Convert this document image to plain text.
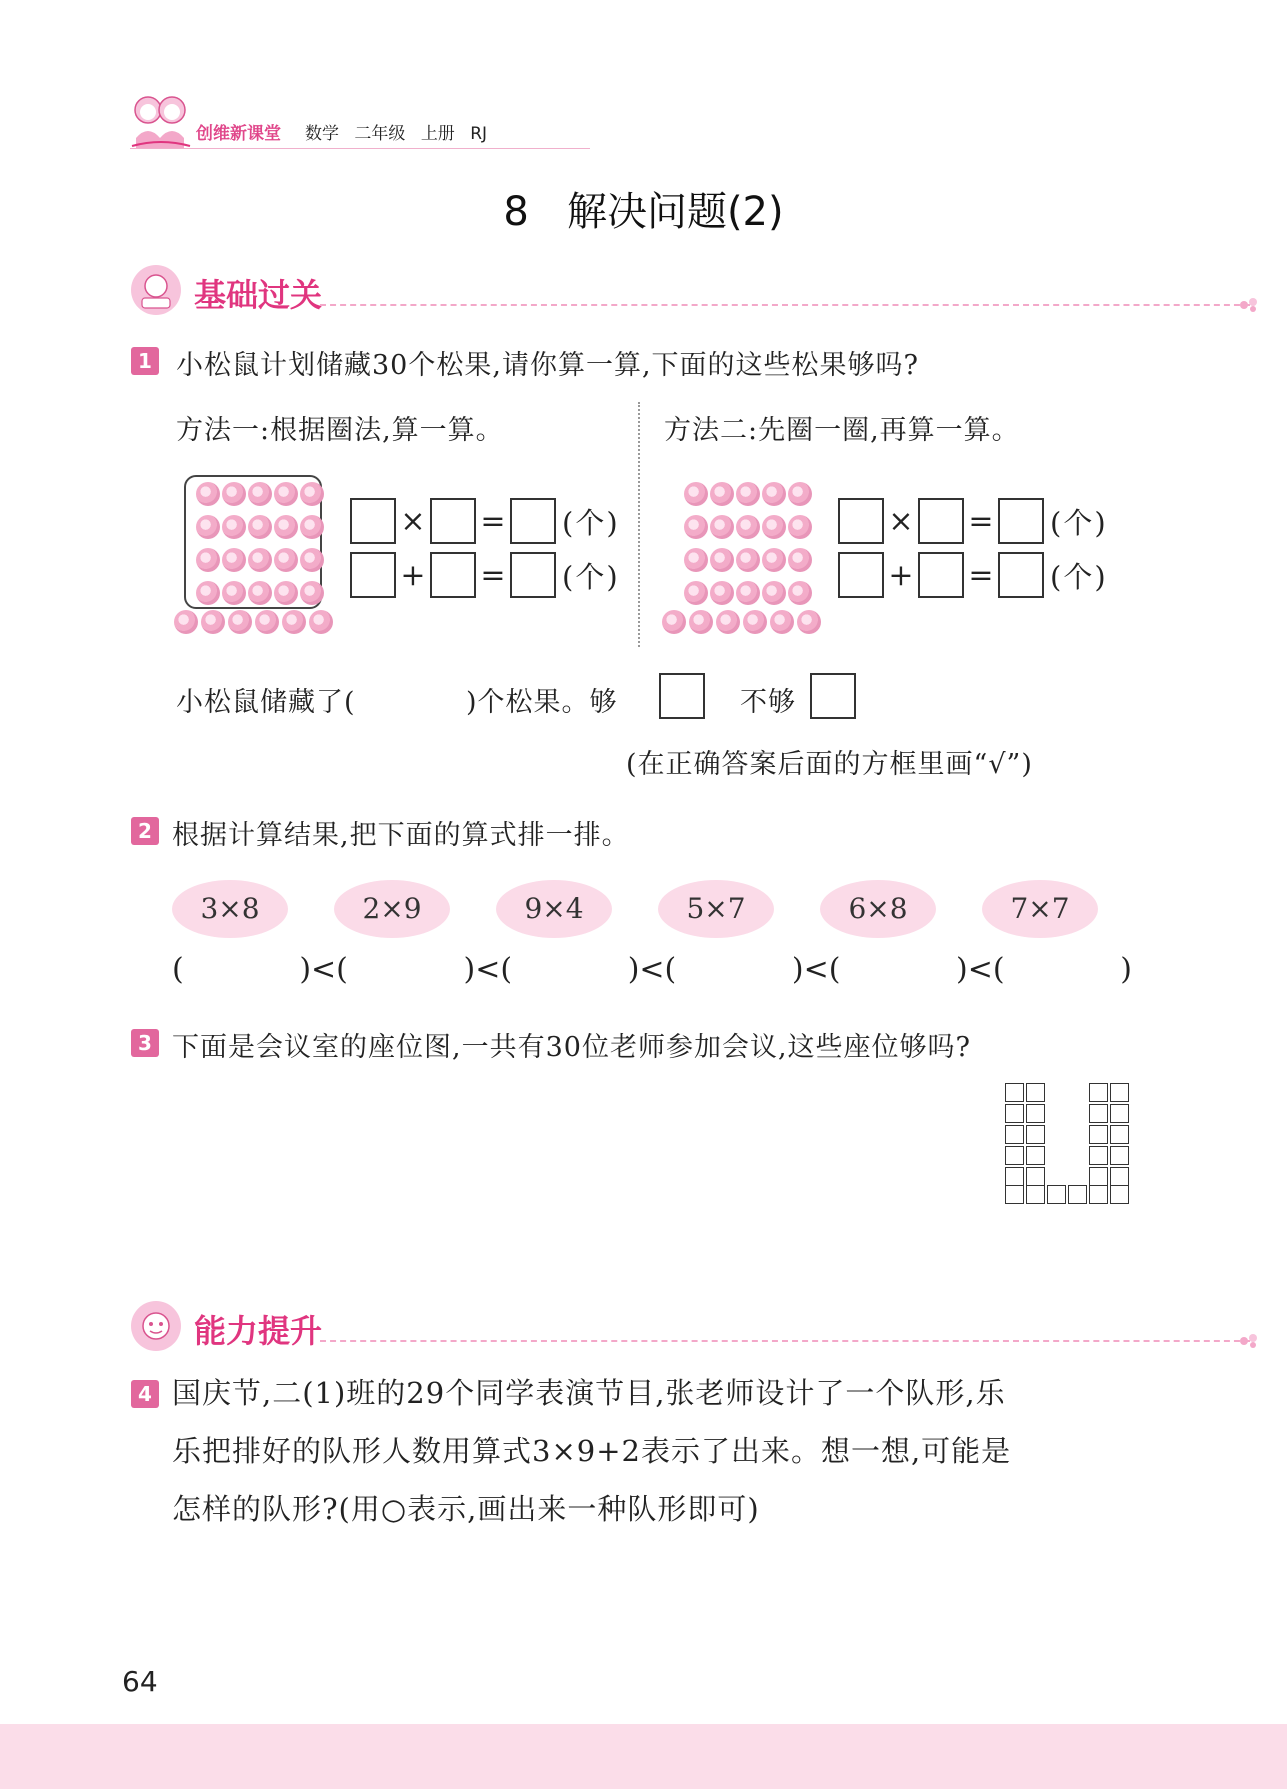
创维新课堂 数学 二年级 上册 RJ
8   解决问题(2)
基础过关
1 小松鼠计划储藏30个松果,请你算一算,下面的这些松果够吗?
方法一:根据圈法,算一算。	方法二:先圈一圈,再算一算。
× = (个)
+ = (个)
× = (个)
+ = (个)
小松鼠储藏了(	)个松果。够	不够
(在正确答案后面的方框里画“√”)
2 根据计算结果,把下面的算式排一排。
3×8	2×9	9×4	5×7	6×8	7×7
(	)<(	)<(	)<(	)<(	)<(	)
3 下面是会议室的座位图,一共有30位老师参加会议,这些座位够吗?
能力提升
4 国庆节,二(1)班的29个同学表演节目,张老师设计了一个队形,乐
乐把排好的队形人数用算式3×9+2表示了出来。想一想,可能是
怎样的队形?(用○表示,画出来一种队形即可)
64
